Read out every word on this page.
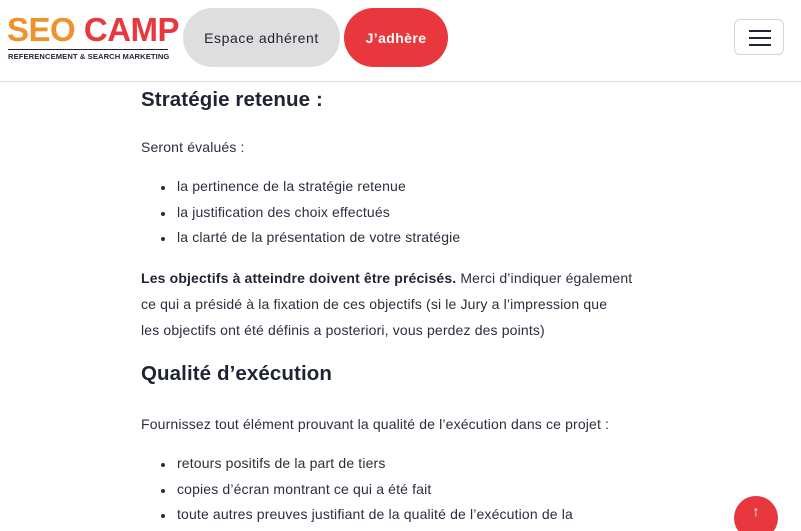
SEO CAMP
REFERENCEMENT & SEARCH MARKETING
Espace adhérent	J’adhère
Stratégie retenue :
Seront évalués :
la pertinence de la stratégie retenue
la justification des choix effectués
la clarté de la présentation de votre stratégie
Les objectifs à atteindre doivent être précisés. Merci d’indiquer également
ce qui a présidé à la fixation de ces objectifs (si le Jury a l’impression que
les objectifs ont été définis a posteriori, vous perdez des points)
Qualité d’exécution
Fournissez tout élément prouvant la qualité de l’exécution dans ce projet :
retours positifs de la part de tiers
copies d’écran montrant ce qui a été fait
toute autres preuves justifiant de la qualité de l’exécution de la	↑
